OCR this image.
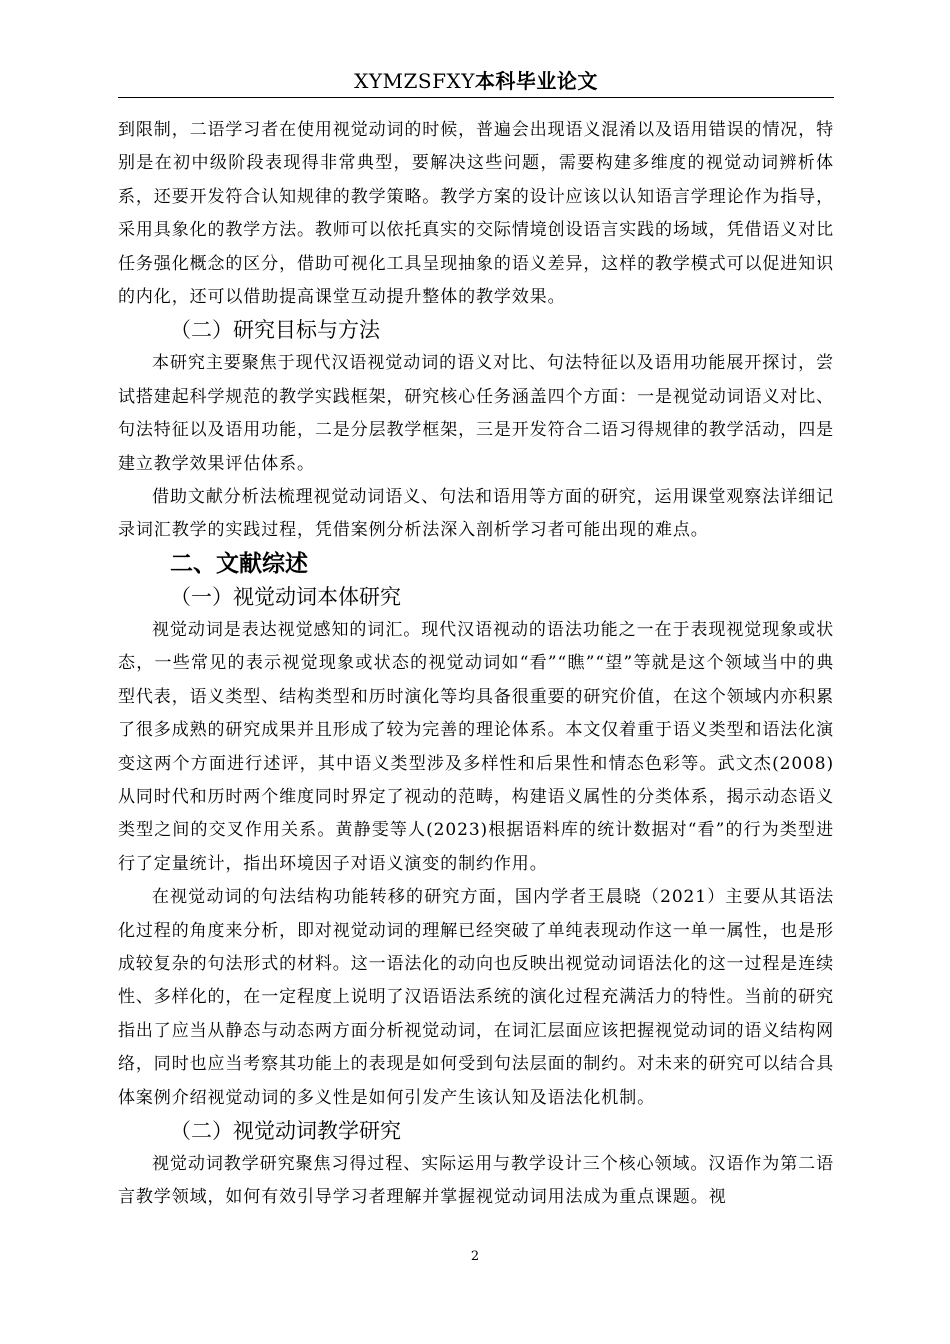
XYMZSFXY本科毕业论文

到限制，二语学习者在使用视觉动词的时候，普遍会出现语义混淆以及语用错误的情况，特别是在初中级阶段表现得非常典型，要解决这些问题，需要构建多维度的视觉动词辨析体系，还要开发符合认知规律的教学策略。教学方案的设计应该以认知语言学理论作为指导，采用具象化的教学方法。教师可以依托真实的交际情境创设语言实践的场域，凭借语义对比任务强化概念的区分，借助可视化工具呈现抽象的语义差异，这样的教学模式可以促进知识的内化，还可以借助提高课堂互动提升整体的教学效果。

（二）研究目标与方法

本研究主要聚焦于现代汉语视觉动词的语义对比、句法特征以及语用功能展开探讨，尝试搭建起科学规范的教学实践框架，研究核心任务涵盖四个方面：一是视觉动词语义对比、句法特征以及语用功能，二是分层教学框架，三是开发符合二语习得规律的教学活动，四是建立教学效果评估体系。

借助文献分析法梳理视觉动词语义、句法和语用等方面的研究，运用课堂观察法详细记录词汇教学的实践过程，凭借案例分析法深入剖析学习者可能出现的难点。

二、文献综述
（一）视觉动词本体研究

视觉动词是表达视觉感知的词汇。现代汉语视动的语法功能之一在于表现视觉现象或状态，一些常见的表示视觉现象或状态的视觉动词如“看”“瞧”“望”等就是这个领域当中的典型代表，语义类型、结构类型和历时演化等均具备很重要的研究价值，在这个领域内亦积累了很多成熟的研究成果并且形成了较为完善的理论体系。本文仅着重于语义类型和语法化演变这两个方面进行述评，其中语义类型涉及多样性和后果性和情态色彩等。武文杰(2008)从同时代和历时两个维度同时界定了视动的范畴，构建语义属性的分类体系，揭示动态语义类型之间的交叉作用关系。黄静雯等人(2023)根据语料库的统计数据对“看”的行为类型进行了定量统计，指出环境因子对语义演变的制约作用。

在视觉动词的句法结构功能转移的研究方面，国内学者王晨晓（2021）主要从其语法化过程的角度来分析，即对视觉动词的理解已经突破了单纯表现动作这一单一属性，也是形成较复杂的句法形式的材料。这一语法化的动向也反映出视觉动词语法化的这一过程是连续性、多样化的，在一定程度上说明了汉语语法系统的演化过程充满活力的特性。当前的研究指出了应当从静态与动态两方面分析视觉动词，在词汇层面应该把握视觉动词的语义结构网络，同时也应当考察其功能上的表现是如何受到句法层面的制约。对未来的研究可以结合具体案例介绍视觉动词的多义性是如何引发产生该认知及语法化机制。

（二）视觉动词教学研究

视觉动词教学研究聚焦习得过程、实际运用与教学设计三个核心领域。汉语作为第二语言教学领域，如何有效引导学习者理解并掌握视觉动词用法成为重点课题。视

2
